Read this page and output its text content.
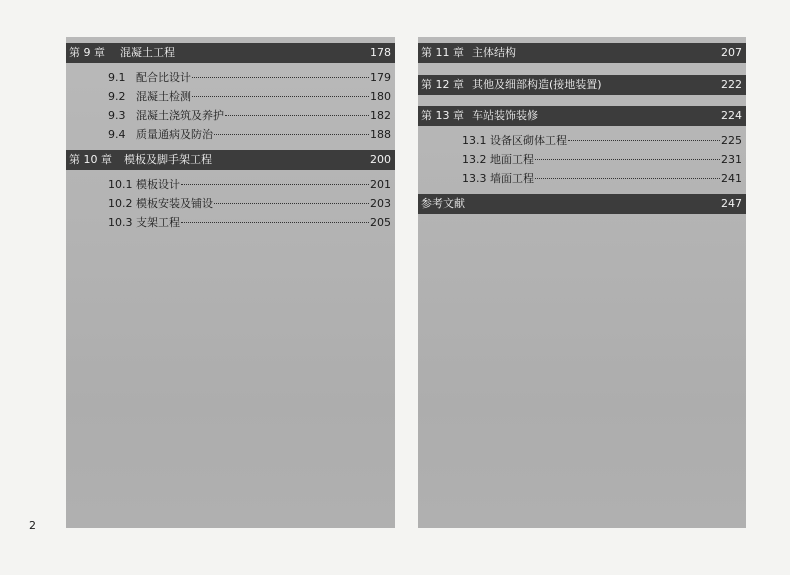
第 9 章 混凝土工程	178
9.1 配合比设计	179
9.2 混凝土检测	180
9.3 混凝土浇筑及养护	182
9.4 质量通病及防治	188
第 10 章 模板及脚手架工程	200
10.1 模板设计	201
10.2 模板安装及铺设	203
10.3 支架工程	205
第 11 章 主体结构	207
第 12 章 其他及细部构造(接地装置)	222
第 13 章 车站装饰装修	224
13.1 设备区砌体工程	225
13.2 地面工程	231
13.3 墙面工程	241
参考文献	247
2
